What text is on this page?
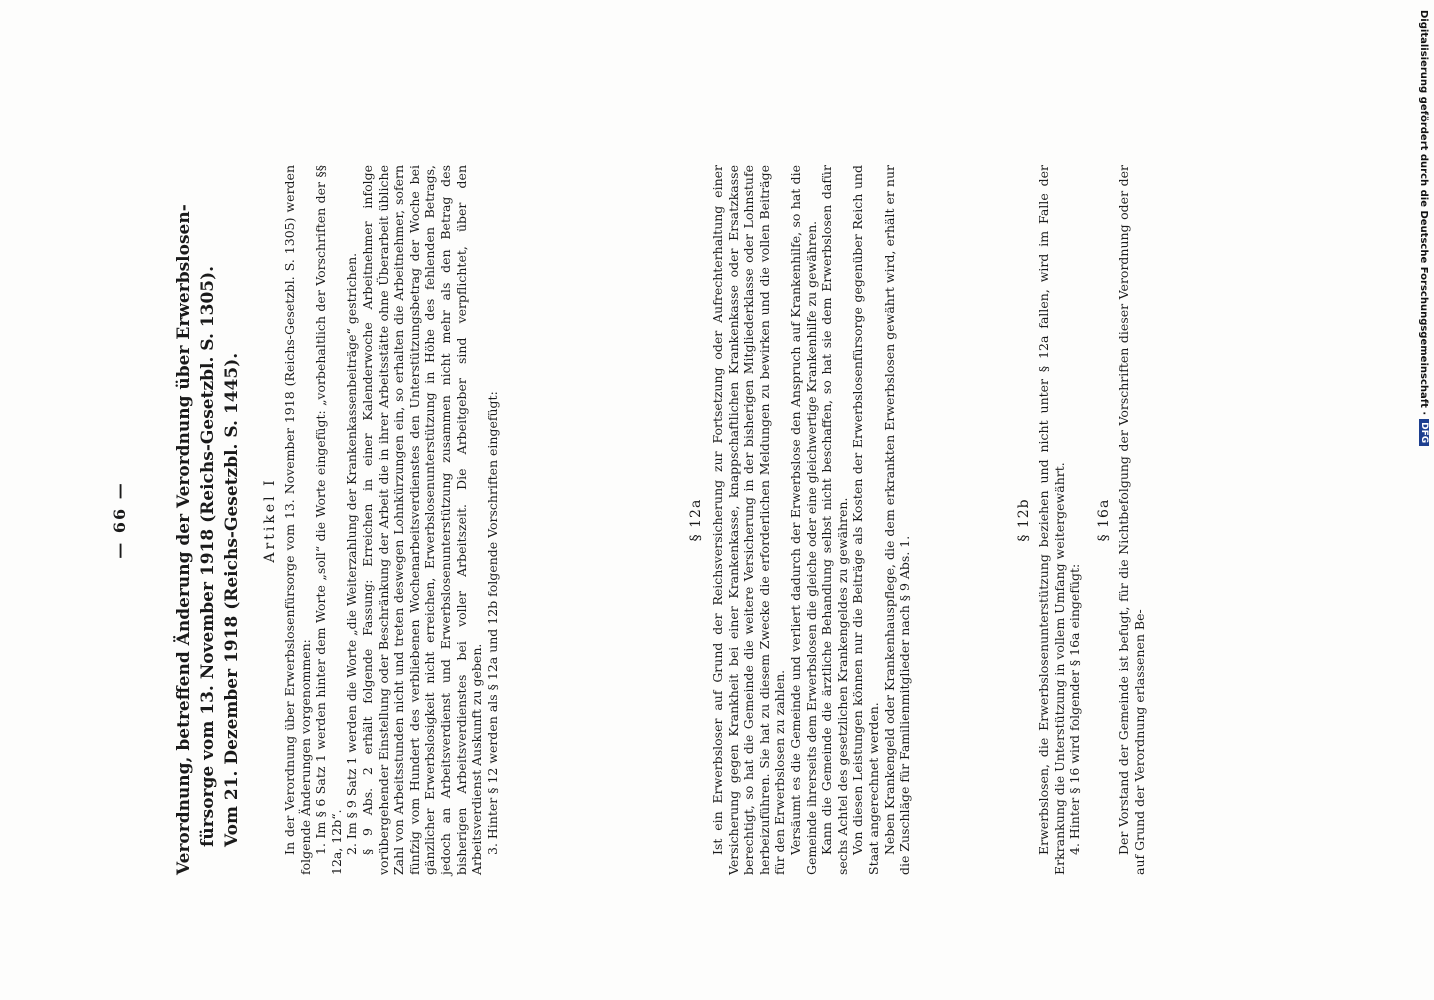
Verordnung, betreffend Änderung der Verordnung über Erwerbslosen- fürsorge vom 13. November 1918 (Reichs-Gesetzbl. S. 1305). Vom 21. Dezember 1918 (Reichs-Gesetzbl. S. 1445).
— 66 —	Artikel I In der Verordnung über Erwerbslosenfürsorge vom 13. November 1918 (Reichs-Gesetzbl. S. 1305) werden folgende Änderungen vorgenommen: 1. Im § 6 Satz 1 werden hinter dem Worte „soll“ die Worte eingefügt: „vorbehaltlich der Vorschriften der §§ 12a, 12b“. 2. Im § 9 Satz 1 werden die Worte „die Weiterzahlung der Krankenkassenbeiträge“ gestrichen. § 9 Abs. 2 erhält folgende Fassung: Erreichen in einer Kalenderwoche Arbeitnehmer infolge vorübergehender Einstellung oder Beschränkung der Arbeit die in ihrer Arbeitsstätte ohne Überarbeit übliche Zahl von Arbeitsstunden nicht und treten deswegen Lohnkürzungen ein, so erhalten die Arbeitnehmer, sofern fünfzig vom Hundert des verbliebenen Wochenarbeitsverdienstes den Unterstützungsbetrag der Woche bei gänzlicher Erwerbslosigkeit nicht erreichen, Erwerbslosenunterstützung in Höhe des fehlenden Betrags, jedoch an Arbeitsverdienst und Erwerbslosenunterstützung zusammen nicht mehr als den Betrag des bisherigen Arbeitsverdienstes bei voller Arbeitszeit. Die Arbeitgeber sind verpflichtet, über den Arbeitsverdienst Auskunft zu geben. 3. Hinter § 12 werden als § 12a und 12b folgende Vorschriften eingefügt:	§ 12a Ist ein Erwerbsloser auf Grund der Reichsversicherung zur Fortsetzung oder Aufrechterhaltung einer Versicherung gegen Krankheit bei einer Krankenkasse, knappschaftlichen Krankenkasse oder Ersatzkasse berechtigt, so hat die Gemeinde die weitere Versicherung in der bisherigen Mitgliederklasse oder Lohnstufe herbeizuführen. Sie hat zu diesem Zwecke die erforderlichen Meldungen zu bewirken und die vollen Beiträge für den Erwerbslosen zu zahlen. Versäumt es die Gemeinde und verliert dadurch der Erwerbslose den Anspruch auf Krankenhilfe, so hat die Gemeinde ihrerseits dem Erwerbslosen die gleiche oder eine gleichwertige Krankenhilfe zu gewähren. Kann die Gemeinde die ärztliche Behandlung selbst nicht beschaffen, so hat sie dem Erwerbslosen dafür sechs Achtel des gesetzlichen Krankengeldes zu gewähren. Von diesen Leistungen können nur die Beiträge als Kosten der Erwerbslosenfürsorge gegenüber Reich und Staat angerechnet werden. Neben Krankengeld oder Krankenhauspflege, die dem erkrankten Erwerbslosen gewährt wird, erhält er nur die Zuschläge für Familienmitglieder nach § 9 Abs. 1.

§ 12b Erwerbslosen, die Erwerbslosenunterstützung beziehen und nicht unter § 12a fallen, wird im Falle der Erkrankung die Unterstützung in vollem Umfang weitergewährt. 4. Hinter § 16 wird folgender § 16a eingefügt:

§ 16a Der Vorstand der Gemeinde ist befugt, für die Nichtbefolgung der Vorschriften dieser Verordnung oder der auf Grund der Verordnung erlassenen Be-

Digitalisierung gefördert durch die Deutsche Forschungsgemeinschaft ·
DFG
